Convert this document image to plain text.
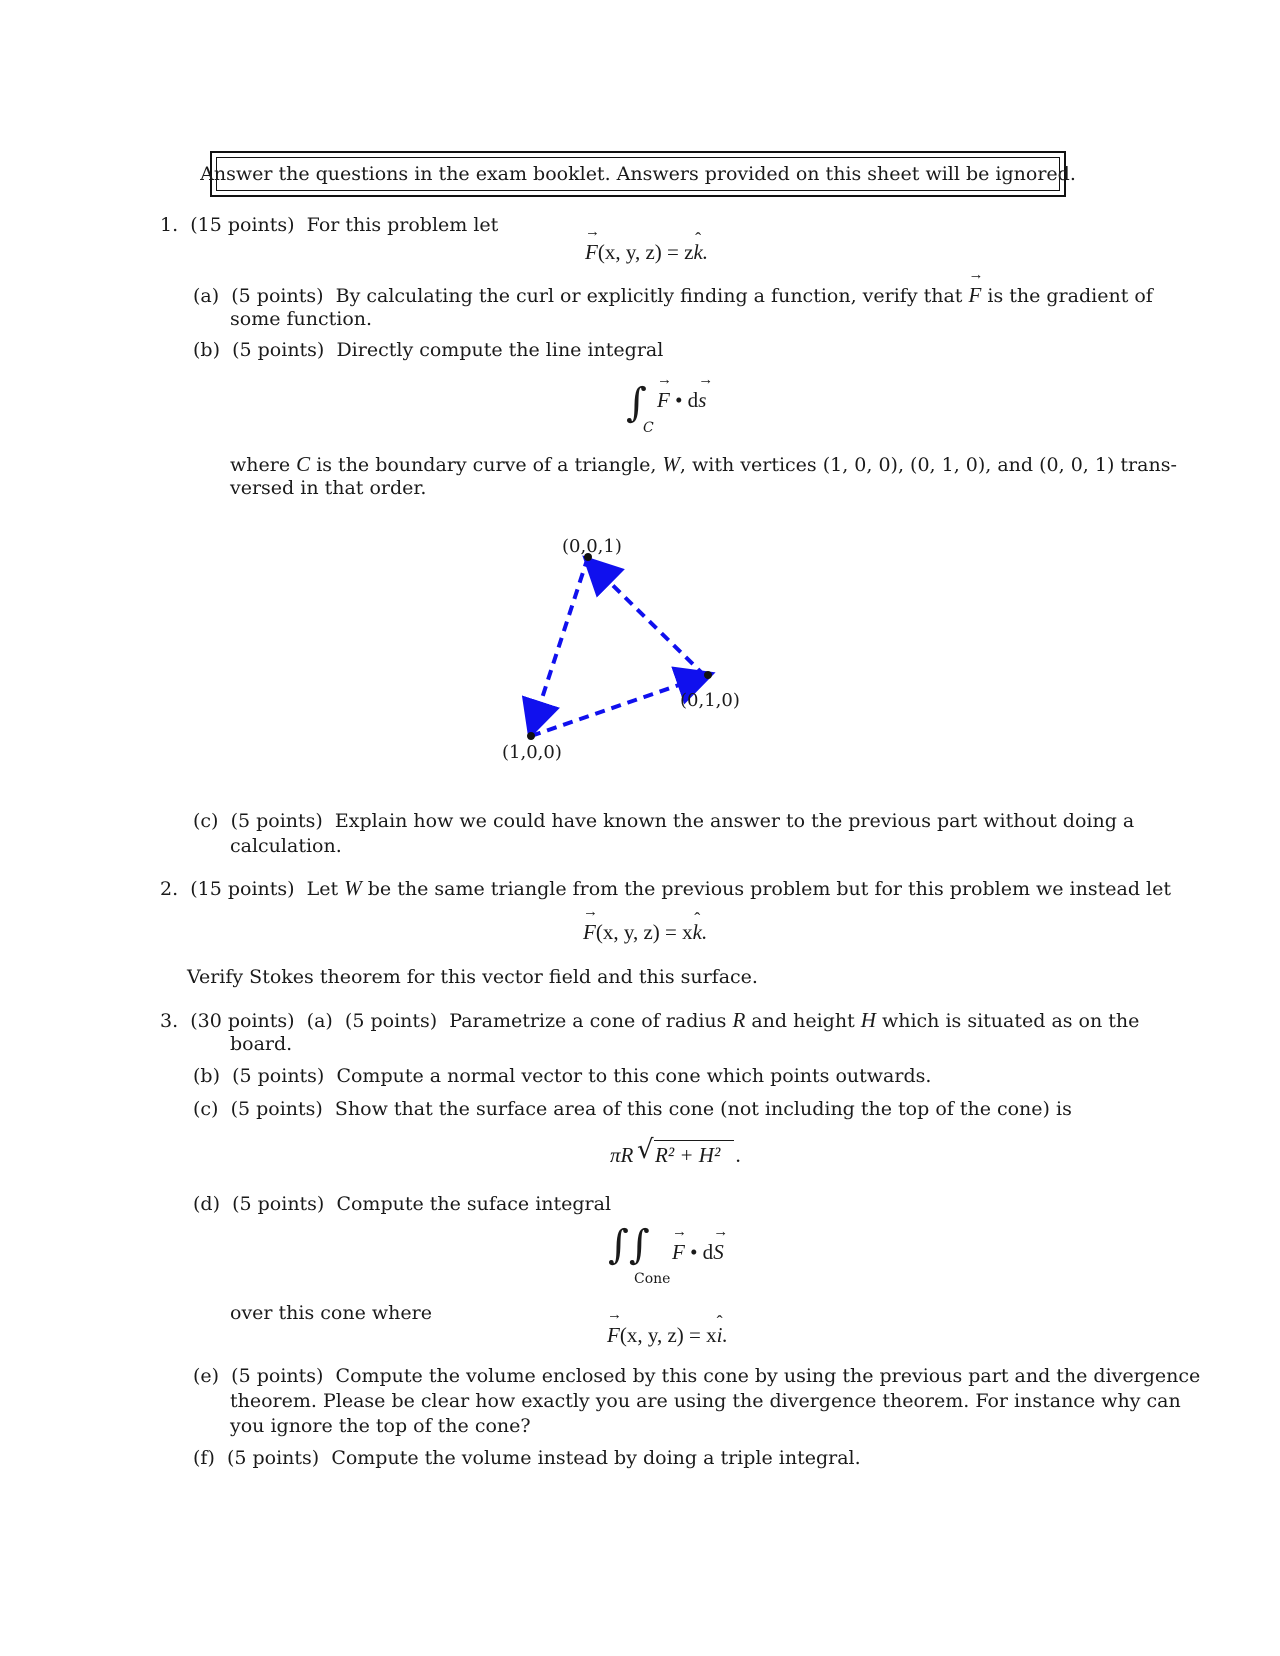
Answer the questions in the exam booklet. Answers provided on this sheet will be ignored.
1. (15 points) For this problem let
→ F(x, y, z) = zˆ k.
(a) (5 points) By calculating the curl or explicitly finding a function, verify that → F is the gradient of
some function.
(b) (5 points) Directly compute the line integral
∫
C
→ F • d→ s
where C is the boundary curve of a triangle, W, with vertices (1, 0, 0), (0, 1, 0), and (0, 0, 1) trans-
versed in that order.
(0,0,1)
(0,1,0)
(1,0,0)
(c) (5 points) Explain how we could have known the answer to the previous part without doing a
calculation.
2. (15 points) Let W be the same triangle from the previous problem but for this problem we instead let
→ F(x, y, z) = xˆ k.
Verify Stokes theorem for this vector field and this surface.
3. (30 points) (a) (5 points) Parametrize a cone of radius R and height H which is situated as on the
board.
(b) (5 points) Compute a normal vector to this cone which points outwards.
(c) (5 points) Show that the surface area of this cone (not including the top of the cone) is
πR √ R² + H² .
(d) (5 points) Compute the suface integral
∫∫
Cone
→ F • d→ S
over this cone where
→ F(x, y, z) = xˆ i.
(e) (5 points) Compute the volume enclosed by this cone by using the previous part and the divergence
theorem. Please be clear how exactly you are using the divergence theorem. For instance why can
you ignore the top of the cone?
(f) (5 points) Compute the volume instead by doing a triple integral.
